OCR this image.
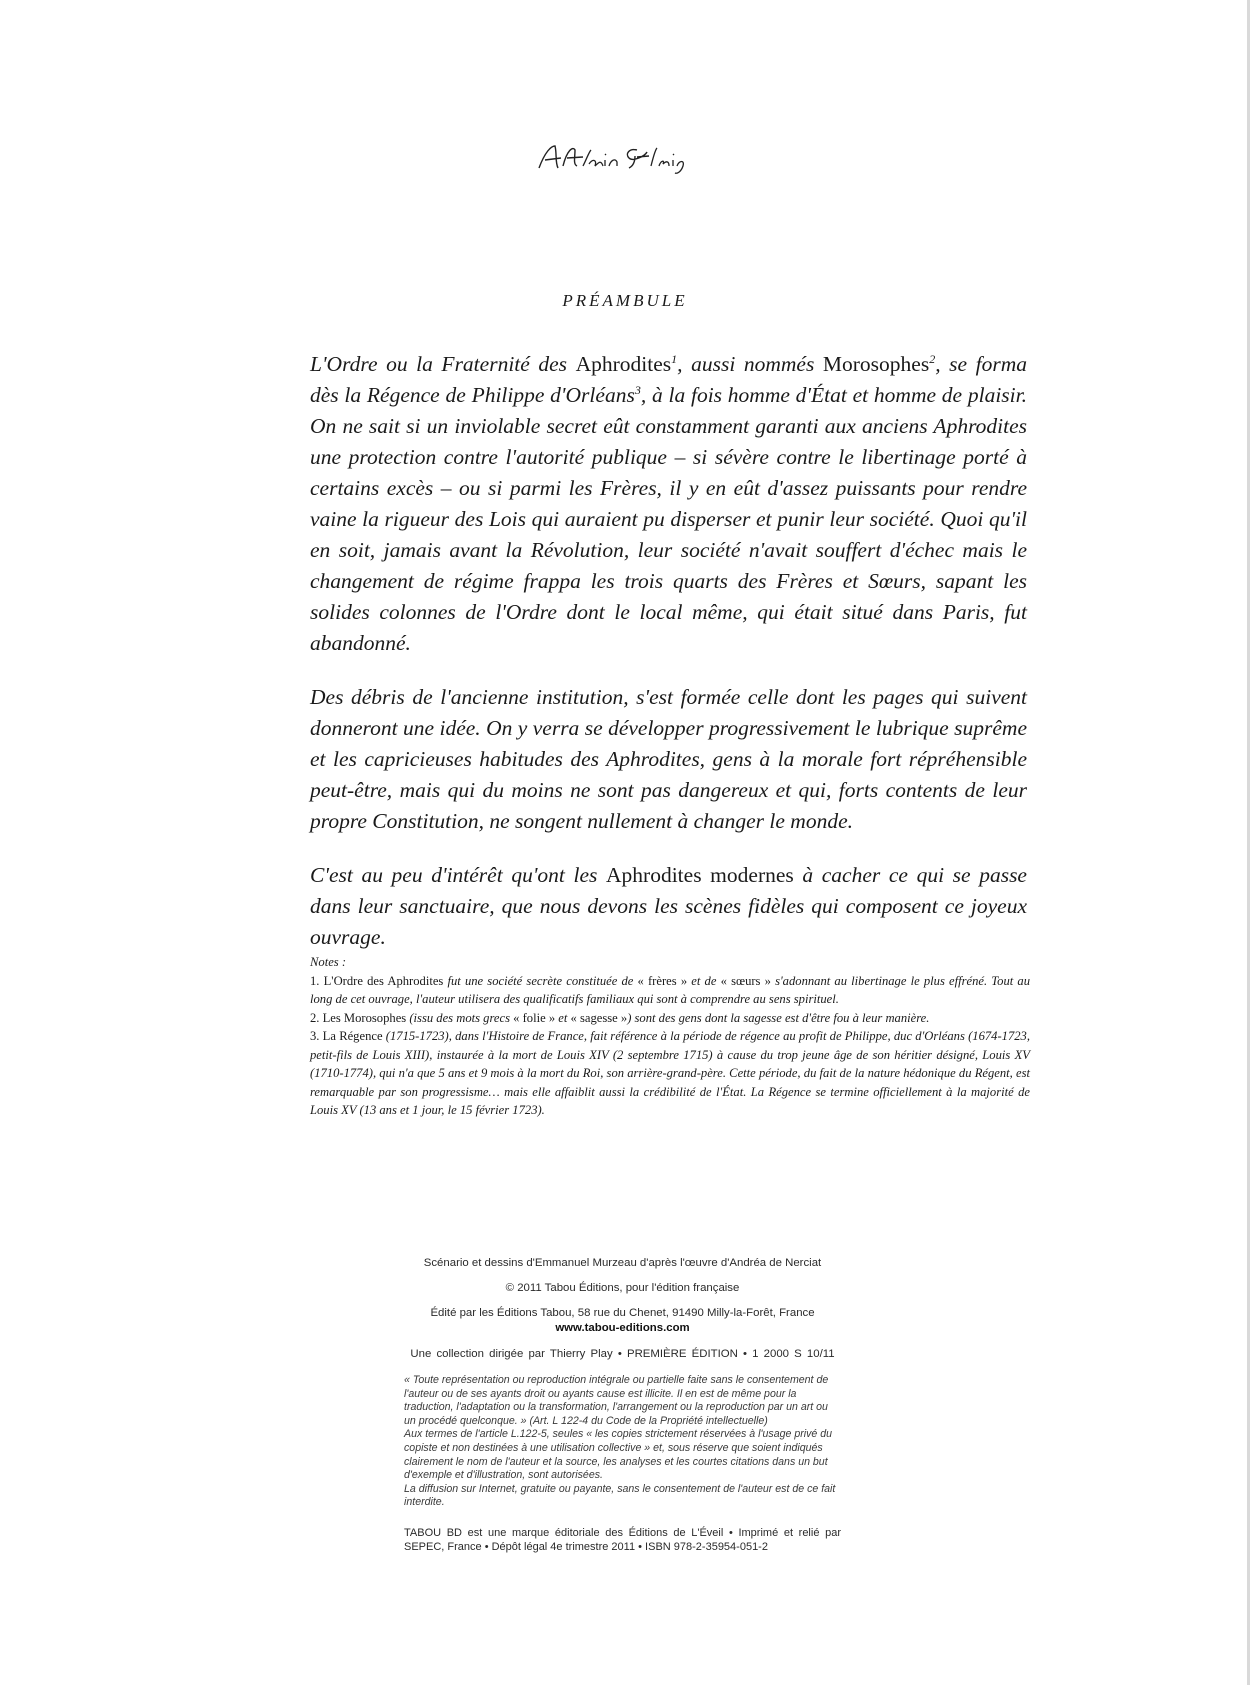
PRÉAMBULE

L'Ordre ou la Fraternité des Aphrodites$^1$, aussi nommés Morosophes$^2$, se forma dès la Régence de Philippe d'Orléans$^3$, à la fois homme d'État et homme de plaisir. On ne sait si un inviolable secret eût constamment garanti aux anciens Aphrodites une protection contre l'autorité publique – si sévère contre le libertinage porté à certains excès – ou si parmi les Frères, il y en eût d'assez puissants pour rendre vaine la rigueur des Lois qui auraient pu disperser et punir leur société. Quoi qu'il en soit, jamais avant la Révolution, leur société n'avait souffert d'échec mais le changement de régime frappa les trois quarts des Frères et Sœurs, sapant les solides colonnes de l'Ordre dont le local même, qui était situé dans Paris, fut abandonné.

Des débris de l'ancienne institution, s'est formée celle dont les pages qui suivent donneront une idée. On y verra se développer progressivement le lubrique suprême et les capricieuses habitudes des Aphrodites, gens à la morale fort répréhensible peut-être, mais qui du moins ne sont pas dangereux et qui, forts contents de leur propre Constitution, ne songent nullement à changer le monde.

C'est au peu d'intérêt qu'ont les Aphrodites modernes à cacher ce qui se passe dans leur sanctuaire, que nous devons les scènes fidèles qui composent ce joyeux ouvrage.

Notes :
1. L'Ordre des Aphrodites fut une société secrète constituée de « frères » et de « sœurs » s'adonnant au libertinage le plus effréné. Tout au long de cet ouvrage, l'auteur utilisera des qualificatifs familiaux qui sont à comprendre au sens spirituel.
2. Les Morosophes (issu des mots grecs « folie » et « sagesse ») sont des gens dont la sagesse est d'être fou à leur manière.
3. La Régence (1715-1723), dans l'Histoire de France, fait référence à la période de régence au profit de Philippe, duc d'Orléans (1674-1723, petit-fils de Louis XIII), instaurée à la mort de Louis XIV (2 septembre 1715) à cause du trop jeune âge de son héritier désigné, Louis XV (1710-1774), qui n'a que 5 ans et 9 mois à la mort du Roi, son arrière-grand-père. Cette période, du fait de la nature hédonique du Régent, est remarquable par son progressisme… mais elle affaiblit aussi la crédibilité de l'État. La Régence se termine officiellement à la majorité de Louis XV (13 ans et 1 jour, le 15 février 1723).
Scénario et dessins d'Emmanuel Murzeau d'après l'œuvre d'Andréa de Nerciat
© 2011 Tabou Éditions, pour l'édition française
Édité par les Éditions Tabou, 58 rue du Chenet, 91490 Milly-la-Forêt, France
www.tabou-editions.com
Une collection dirigée par Thierry Play • PREMIÈRE ÉDITION • 1 2000 S 10/11
« Toute représentation ou reproduction intégrale ou partielle faite sans le consentement de l'auteur ou de ses ayants droit ou ayants cause est illicite. Il en est de même pour la traduction, l'adaptation ou la transformation, l'arrangement ou la reproduction par un art ou un procédé quelconque. » (Art. L 122-4 du Code de la Propriété intellectuelle)
Aux termes de l'article L.122-5, seules « les copies strictement réservées à l'usage privé du copiste et non destinées à une utilisation collective » et, sous réserve que soient indiqués clairement le nom de l'auteur et la source, les analyses et les courtes citations dans un but d'exemple et d'illustration, sont autorisées.
La diffusion sur Internet, gratuite ou payante, sans le consentement de l'auteur est de ce fait interdite.
TABOU BD est une marque éditoriale des Éditions de L'Éveil • Imprimé et relié par SEPEC, France • Dépôt légal 4e trimestre 2011 • ISBN 978-2-35954-051-2
